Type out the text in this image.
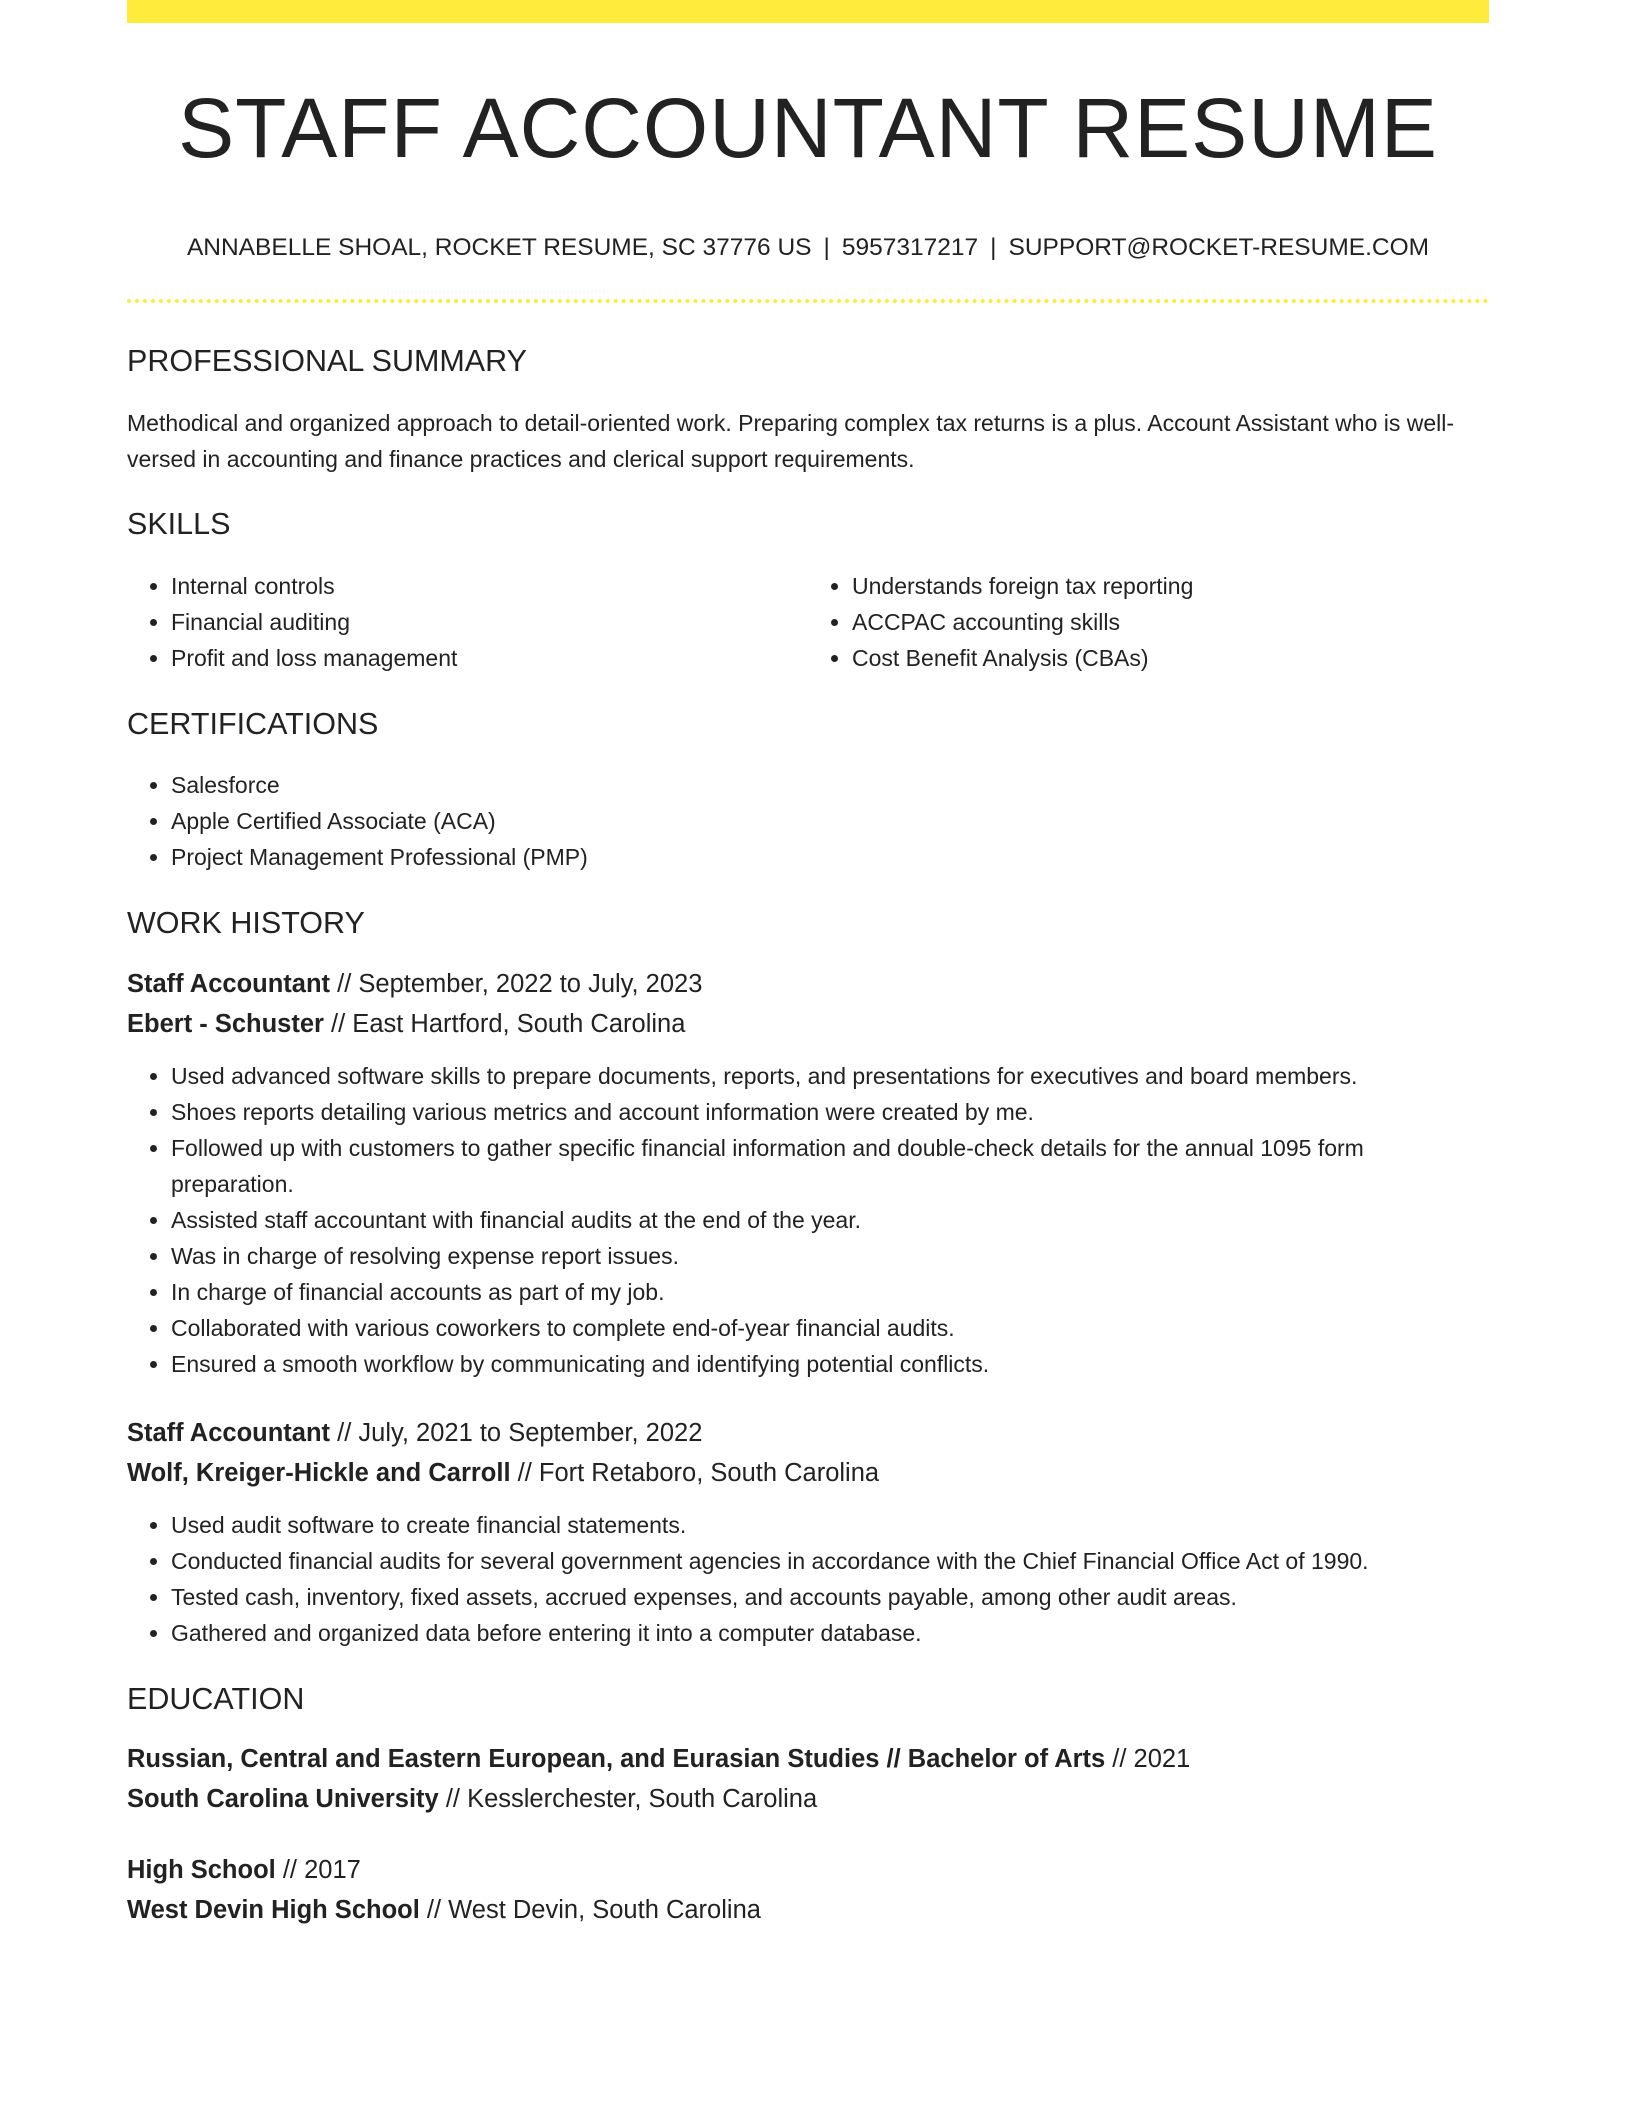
STAFF ACCOUNTANT RESUME
ANNABELLE SHOAL, ROCKET RESUME, SC 37776 US | 5957317217 | SUPPORT@ROCKET-RESUME.COM
PROFESSIONAL SUMMARY

Methodical and organized approach to detail-oriented work. Preparing complex tax returns is a plus. Account Assistant who is well-versed in accounting and finance practices and clerical support requirements.

SKILLS
• Internal controls
• Financial auditing
• Profit and loss management
• Understands foreign tax reporting
• ACCPAC accounting skills
• Cost Benefit Analysis (CBAs)
CERTIFICATIONS
• Salesforce
• Apple Certified Associate (ACA)
• Project Management Professional (PMP)
WORK HISTORY
Staff Accountant // September, 2022 to July, 2023
Ebert - Schuster // East Hartford, South Carolina
• Used advanced software skills to prepare documents, reports, and presentations for executives and board members.
• Shoes reports detailing various metrics and account information were created by me.
• Followed up with customers to gather specific financial information and double-check details for the annual 1095 form preparation.
• Assisted staff accountant with financial audits at the end of the year.
• Was in charge of resolving expense report issues.
• In charge of financial accounts as part of my job.
• Collaborated with various coworkers to complete end-of-year financial audits.
• Ensured a smooth workflow by communicating and identifying potential conflicts.
Staff Accountant // July, 2021 to September, 2022
Wolf, Kreiger-Hickle and Carroll // Fort Retaboro, South Carolina
• Used audit software to create financial statements.
• Conducted financial audits for several government agencies in accordance with the Chief Financial Office Act of 1990.
• Tested cash, inventory, fixed assets, accrued expenses, and accounts payable, among other audit areas.
• Gathered and organized data before entering it into a computer database.
EDUCATION
Russian, Central and Eastern European, and Eurasian Studies // Bachelor of Arts // 2021
South Carolina University // Kesslerchester, South Carolina
High School // 2017
West Devin High School // West Devin, South Carolina
